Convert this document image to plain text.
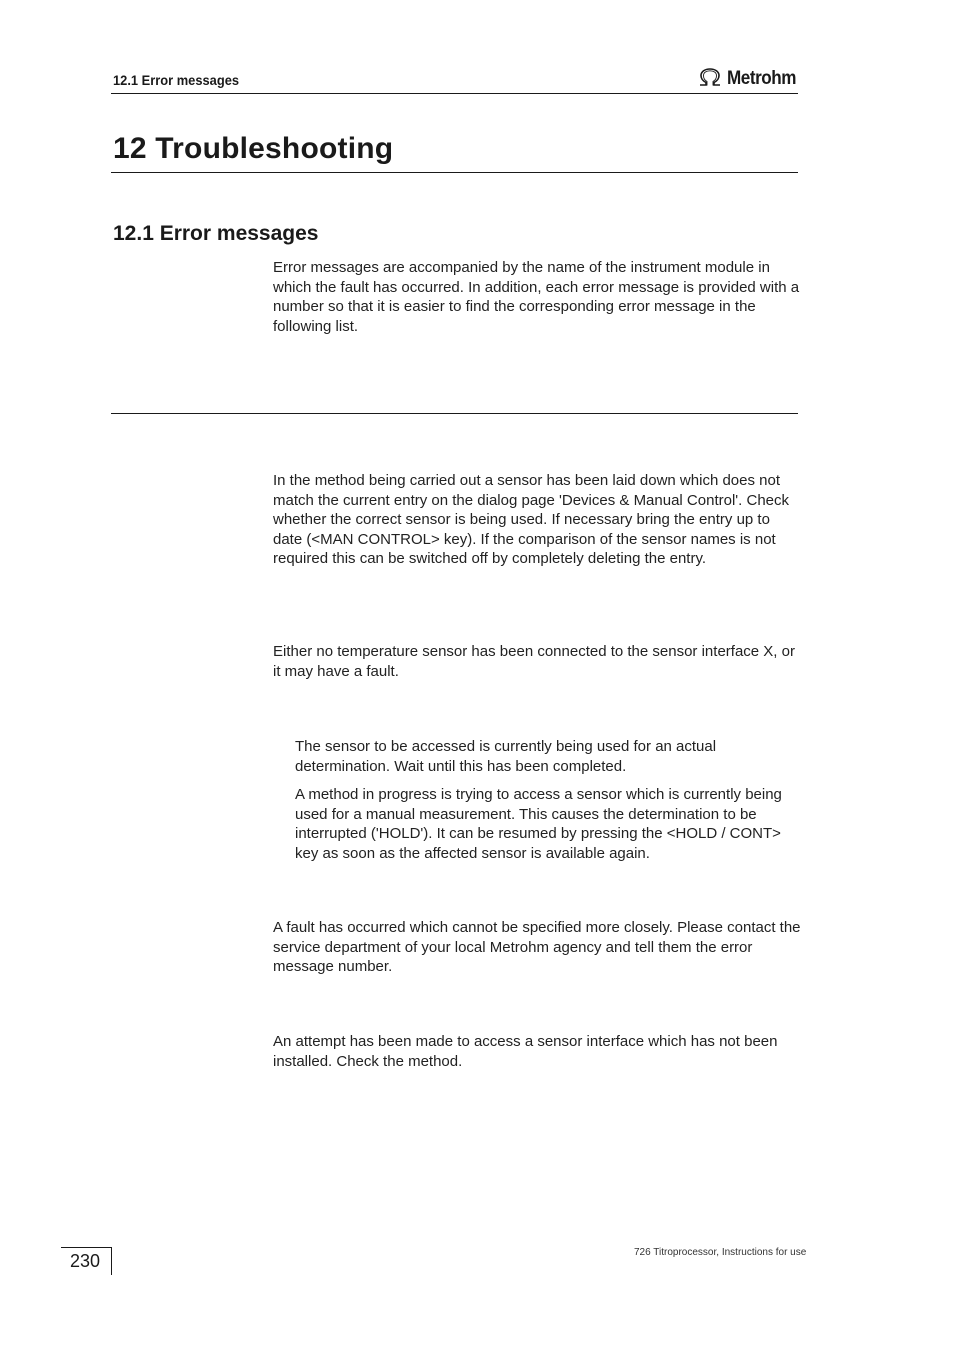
12.1 Error messages	Metrohm
12 Troubleshooting
12.1 Error messages
Error messages are accompanied by the name of the instrument module in which the fault has occurred. In addition, each error message is provided with a number so that it is easier to find the corresponding error message in the following list.
In the method being carried out a sensor has been laid down which does not match the current entry on the dialog page 'Devices & Manual Control'. Check whether the correct sensor is being used. If necessary bring the entry up to date (<MAN CONTROL> key). If the comparison of the sensor names is not required this can be switched off by completely deleting the entry.
Either no temperature sensor has been connected to the sensor interface X, or it may have a fault.
The sensor to be accessed is currently being used for an actual determination. Wait until this has been completed.
A method in progress is trying to access a sensor which is currently being used for a manual measurement. This causes the determination to be interrupted ('HOLD'). It can be resumed by pressing the <HOLD / CONT> key as soon as the affected sensor is available again.
A fault has occurred which cannot be specified more closely. Please contact the service department of your local Metrohm agency and tell them the error message number.
An attempt has been made to access a sensor interface which has not been installed. Check the method.
230	726 Titroprocessor, Instructions for use
